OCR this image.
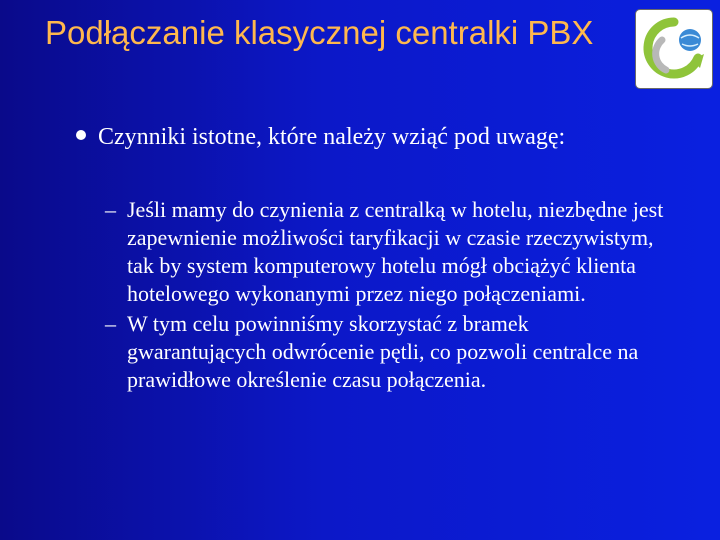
Podłączanie klasycznej centralki PBX
Czynniki istotne, które należy wziąć pod uwagę:
– Jeśli mamy do czynienia z centralką w hotelu, niezbędne jest zapewnienie możliwości taryfikacji w czasie rzeczywistym, tak by system komputerowy hotelu mógł obciążyć klienta hotelowego wykonanymi przez niego połączeniami.
– W tym celu powinniśmy skorzystać z bramek gwarantujących odwrócenie pętli, co pozwoli centralce na prawidłowe określenie czasu połączenia.
